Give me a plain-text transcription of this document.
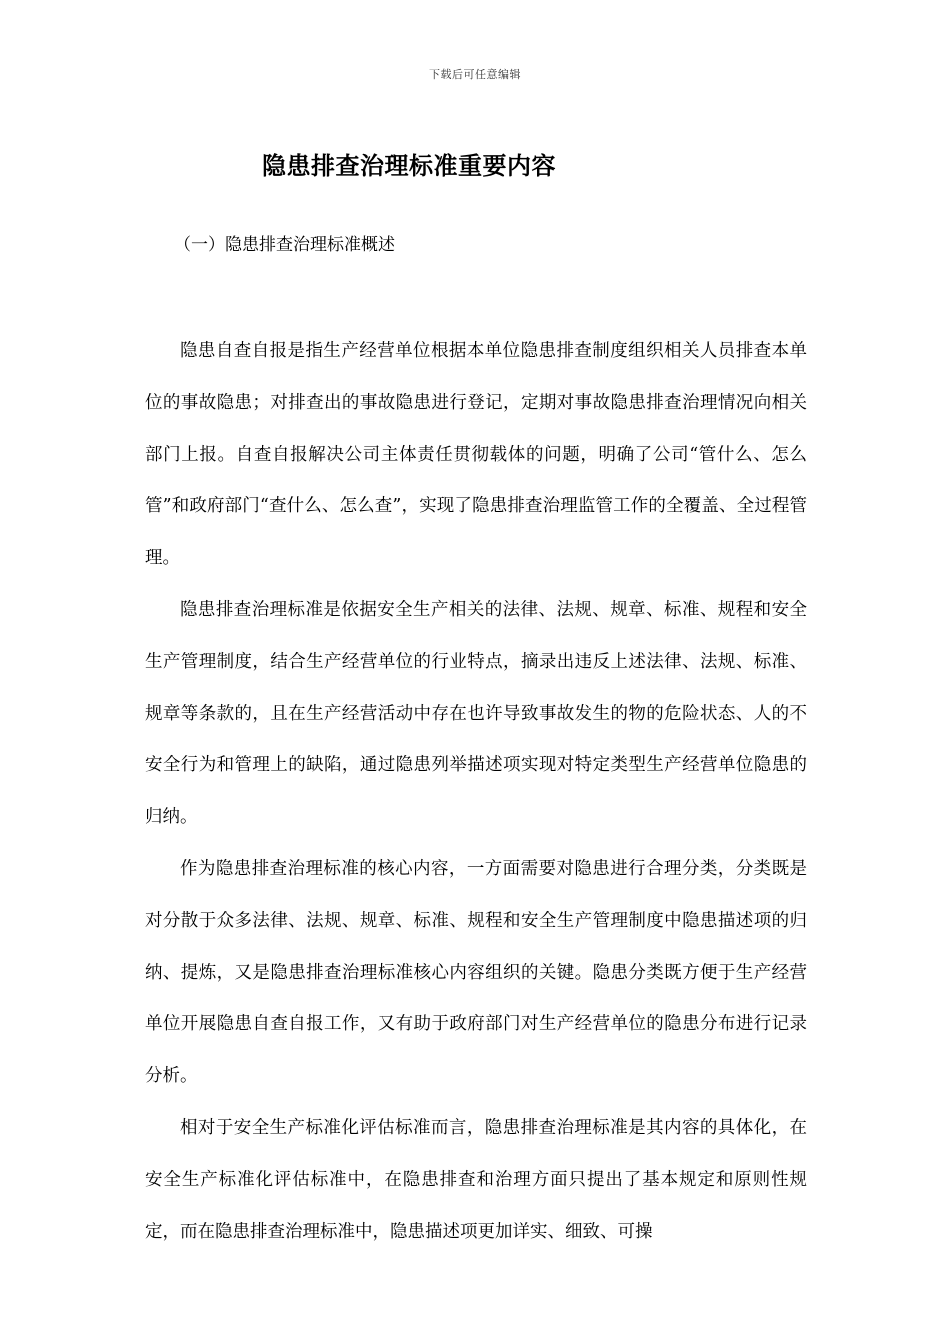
下载后可任意编辑
隐患排查治理标准重要内容
（一）隐患排查治理标准概述

隐患自查自报是指生产经营单位根据本单位隐患排查制度组织相关人员排查本单位的事故隐患；对排查出的事故隐患进行登记，定期对事故隐患排查治理情况向相关部门上报。自查自报解决公司主体责任贯彻载体的问题，明确了公司“管什么、怎么管”和政府部门“查什么、怎么查”，实现了隐患排查治理监管工作的全覆盖、全过程管理。

隐患排查治理标准是依据安全生产相关的法律、法规、规章、标准、规程和安全生产管理制度，结合生产经营单位的行业特点，摘录出违反上述法律、法规、标准、规章等条款的，且在生产经营活动中存在也许导致事故发生的物的危险状态、人的不安全行为和管理上的缺陷，通过隐患列举描述项实现对特定类型生产经营单位隐患的归纳。

作为隐患排查治理标准的核心内容，一方面需要对隐患进行合理分类，分类既是对分散于众多法律、法规、规章、标准、规程和安全生产管理制度中隐患描述项的归纳、提炼，又是隐患排查治理标准核心内容组织的关键。隐患分类既方便于生产经营单位开展隐患自查自报工作，又有助于政府部门对生产经营单位的隐患分布进行记录分析。

相对于安全生产标准化评估标准而言，隐患排查治理标准是其内容的具体化，在安全生产标准化评估标准中，在隐患排查和治理方面只提出了基本规定和原则性规定，而在隐患排查治理标准中，隐患描述项更加详实、细致、可操
